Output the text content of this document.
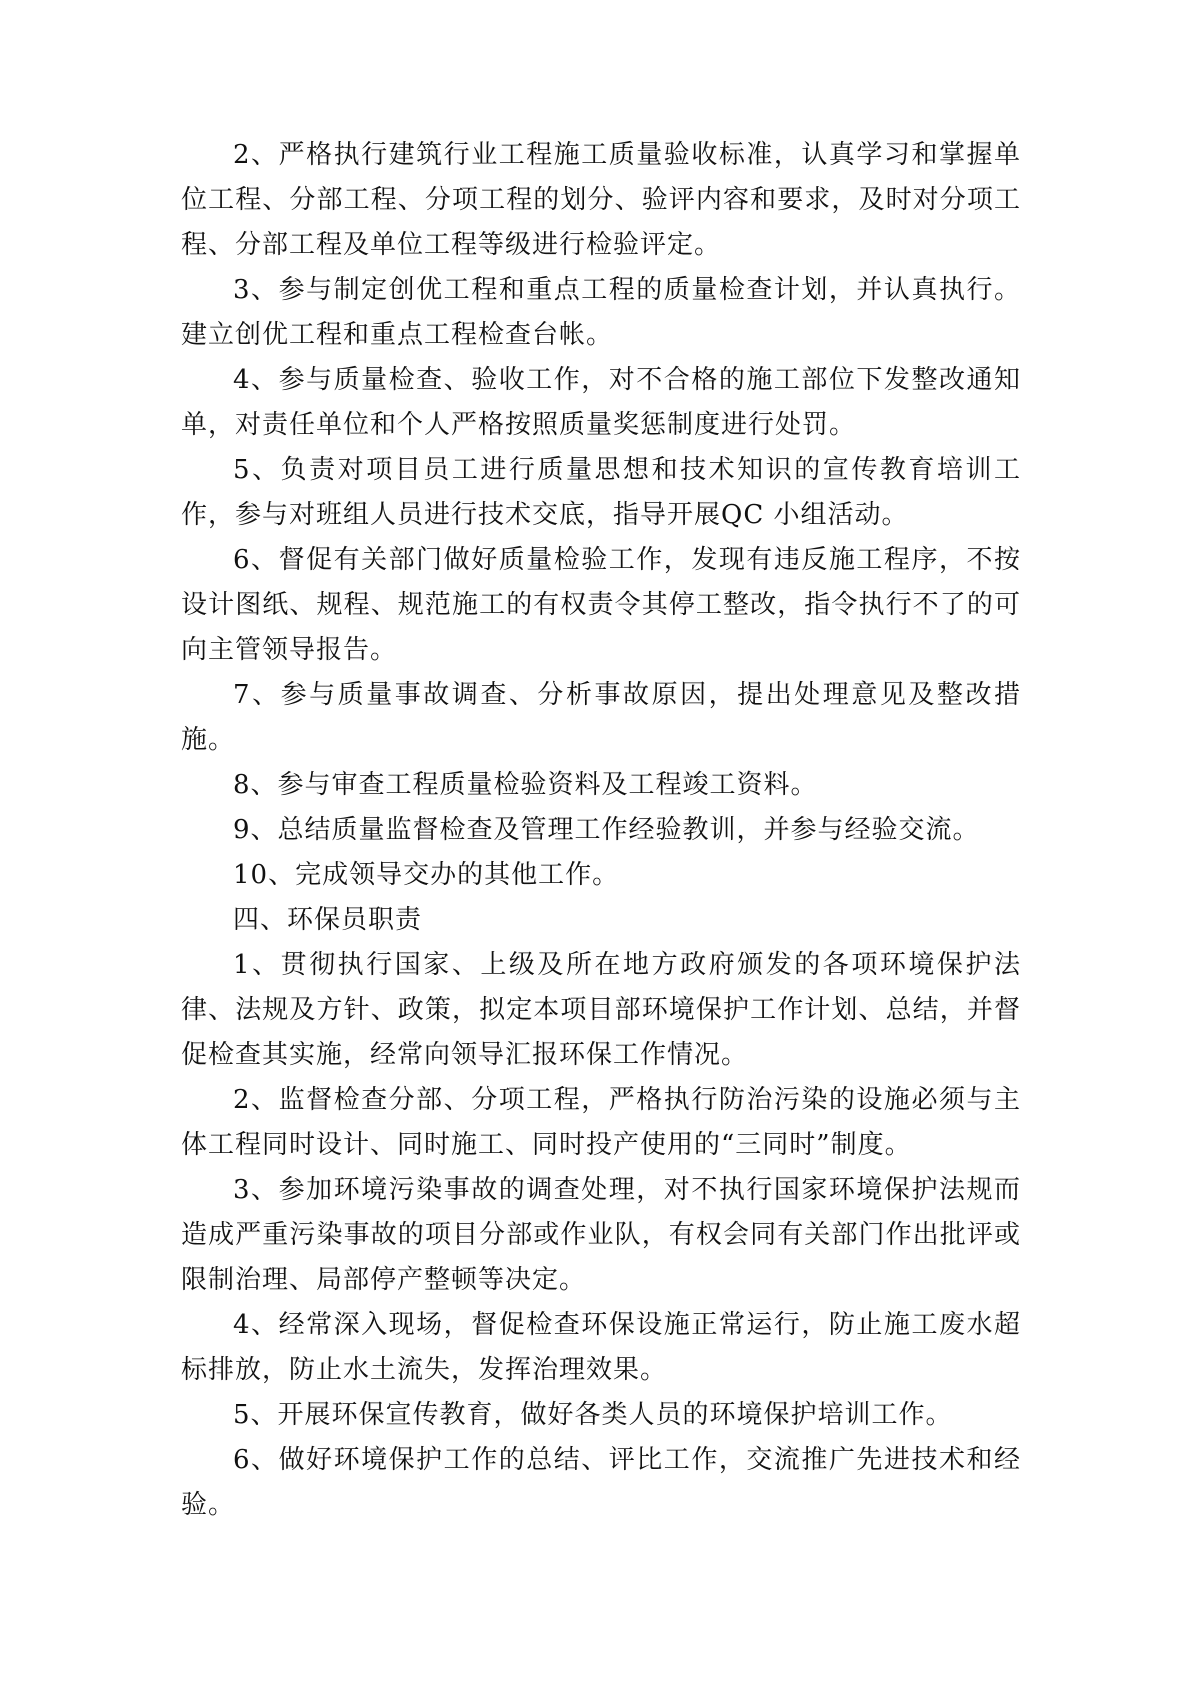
2、严格执行建筑行业工程施工质量验收标准，认真学习和掌握单位工程、分部工程、分项工程的划分、验评内容和要求，及时对分项工程、分部工程及单位工程等级进行检验评定。

3、参与制定创优工程和重点工程的质量检查计划，并认真执行。建立创优工程和重点工程检查台帐。

4、参与质量检查、验收工作，对不合格的施工部位下发整改通知单，对责任单位和个人严格按照质量奖惩制度进行处罚。

5、负责对项目员工进行质量思想和技术知识的宣传教育培训工作，参与对班组人员进行技术交底，指导开展QC 小组活动。

6、督促有关部门做好质量检验工作，发现有违反施工程序，不按设计图纸、规程、规范施工的有权责令其停工整改，指令执行不了的可向主管领导报告。

7、参与质量事故调查、分析事故原因，提出处理意见及整改措施。

8、参与审查工程质量检验资料及工程竣工资料。

9、总结质量监督检查及管理工作经验教训，并参与经验交流。

10、完成领导交办的其他工作。

四、环保员职责

1、贯彻执行国家、上级及所在地方政府颁发的各项环境保护法律、法规及方针、政策，拟定本项目部环境保护工作计划、总结，并督促检查其实施，经常向领导汇报环保工作情况。

2、监督检查分部、分项工程，严格执行防治污染的设施必须与主体工程同时设计、同时施工、同时投产使用的“三同时”制度。

3、参加环境污染事故的调查处理，对不执行国家环境保护法规而造成严重污染事故的项目分部或作业队，有权会同有关部门作出批评或限制治理、局部停产整顿等决定。

4、经常深入现场，督促检查环保设施正常运行，防止施工废水超标排放，防止水土流失，发挥治理效果。

5、开展环保宣传教育，做好各类人员的环境保护培训工作。

6、做好环境保护工作的总结、评比工作，交流推广先进技术和经验。
